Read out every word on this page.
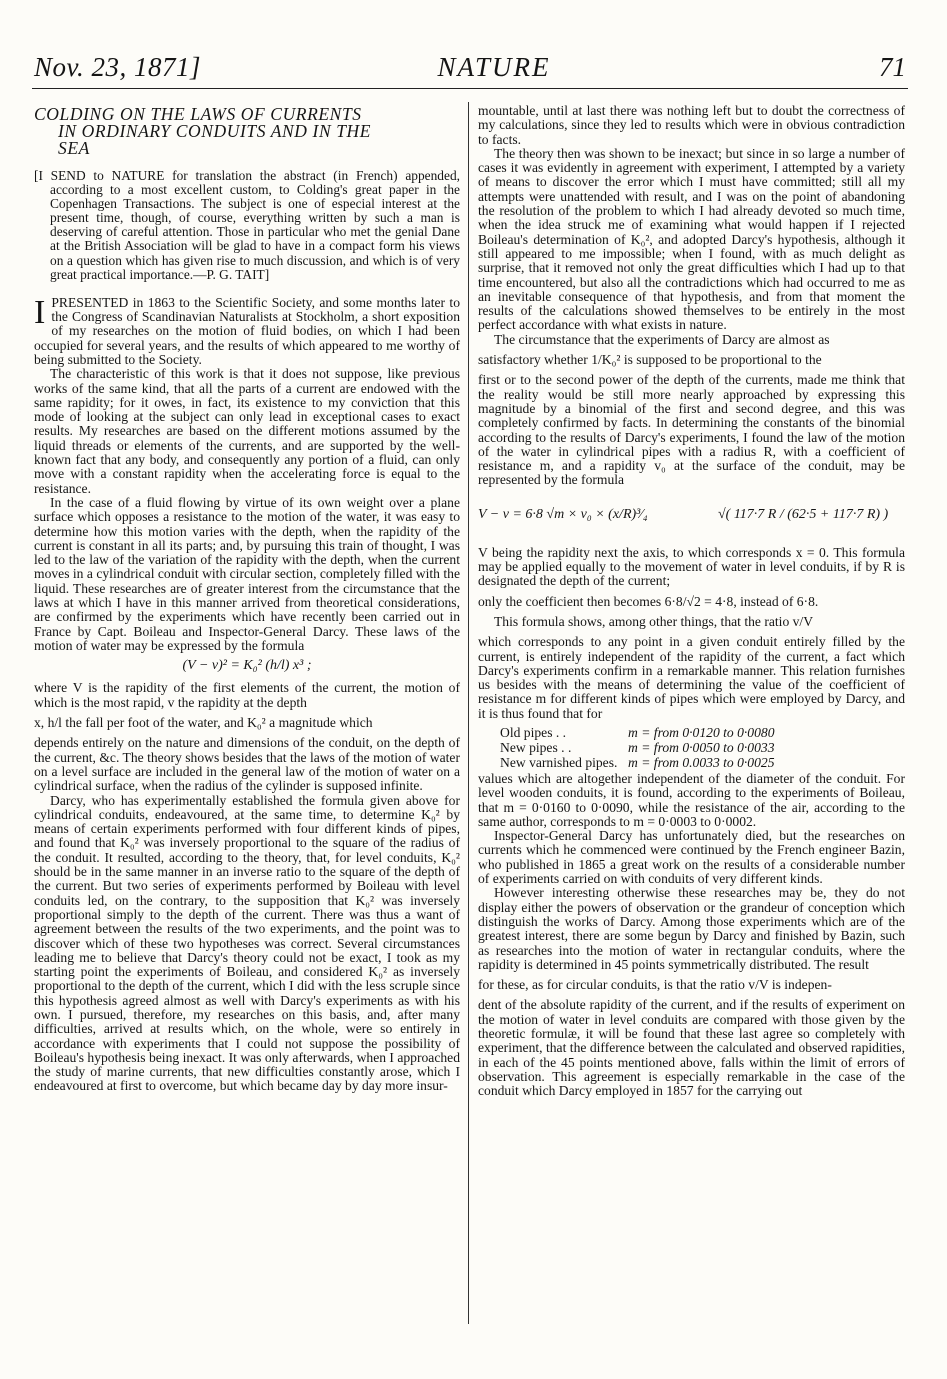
Nov. 23, 1871]	NATURE	71
COLDING ON THE LAWS OF CURRENTS
IN ORDINARY CONDUITS AND IN THE
SEA

[I SEND to NATURE for translation the abstract (in French) appended, according to a most excellent custom, to Colding's great paper in the Copenhagen Transactions. The subject is one of especial interest at the present time, though, of course, everything written by such a man is deserving of careful attention. Those in particular who met the genial Dane at the British Association will be glad to have in a compact form his views on a question which has given rise to much discussion, and which is of very great practical importance.—P. G. TAIT]

IPRESENTED in 1863 to the Scientific Society, and some months later to the Congress of Scandinavian Naturalists at Stockholm, a short exposition of my researches on the motion of fluid bodies, on which I had been occupied for several years, and the results of which appeared to me worthy of being submitted to the Society.

The characteristic of this work is that it does not suppose, like previous works of the same kind, that all the parts of a current are endowed with the same rapidity; for it owes, in fact, its existence to my conviction that this mode of looking at the subject can only lead in exceptional cases to exact results. My researches are based on the different motions assumed by the liquid threads or elements of the currents, and are supported by the well-known fact that any body, and consequently any portion of a fluid, can only move with a constant rapidity when the accelerating force is equal to the resistance.

In the case of a fluid flowing by virtue of its own weight over a plane surface which opposes a resistance to the motion of the water, it was easy to determine how this motion varies with the depth, when the rapidity of the current is constant in all its parts; and, by pursuing this train of thought, I was led to the law of the variation of the rapidity with the depth, when the current moves in a cylindrical conduit with circular section, completely filled with the liquid. These researches are of greater interest from the circumstance that the laws at which I have in this manner arrived from theoretical considerations, are confirmed by the experiments which have recently been carried out in France by Capt. Boileau and Inspector-General Darcy. These laws of the motion of water may be expressed by the formula

(V − v)² = K₀² (h/l) x³ ;

where V is the rapidity of the first elements of the current, the motion of which is the most rapid, v the rapidity at the depth

x, h/l the fall per foot of the water, and K₀² a magnitude which

depends entirely on the nature and dimensions of the conduit, on the depth of the current, &c. The theory shows besides that the laws of the motion of water on a level surface are included in the general law of the motion of water on a cylindrical surface, when the radius of the cylinder is supposed infinite.

Darcy, who has experimentally established the formula given above for cylindrical conduits, endeavoured, at the same time, to determine K₀² by means of certain experiments performed with four different kinds of pipes, and found that K₀² was inversely proportional to the square of the radius of the conduit. It resulted, according to the theory, that, for level conduits, K₀² should be in the same manner in an inverse ratio to the square of the depth of the current. But two series of experiments performed by Boileau with level conduits led, on the contrary, to the supposition that K₀² was inversely proportional simply to the depth of the current. There was thus a want of agreement between the results of the two experiments, and the point was to discover which of these two hypotheses was correct. Several circumstances leading me to believe that Darcy's theory could not be exact, I took as my starting point the experiments of Boileau, and considered K₀² as inversely proportional to the depth of the current, which I did with the less scruple since this hypothesis agreed almost as well with Darcy's experiments as with his own. I pursued, therefore, my researches on this basis, and, after many difficulties, arrived at results which, on the whole, were so entirely in accordance with experiments that I could not suppose the possibility of Boileau's hypothesis being inexact. It was only afterwards, when I approached the study of marine currents, that new difficulties constantly arose, which I endeavoured at first to overcome, but which became day by day more insur-

mountable, until at last there was nothing left but to doubt the correctness of my calculations, since they led to results which were in obvious contradiction to facts.

The theory then was shown to be inexact; but since in so large a number of cases it was evidently in agreement with experiment, I attempted by a variety of means to discover the error which I must have committed; still all my attempts were unattended with result, and I was on the point of abandoning the resolution of the problem to which I had already devoted so much time, when the idea struck me of examining what would happen if I rejected Boileau's determination of K₀², and adopted Darcy's hypothesis, although it still appeared to me impossible; when I found, with as much delight as surprise, that it removed not only the great difficulties which I had up to that time encountered, but also all the contradictions which had occurred to me as an inevitable consequence of that hypothesis, and from that moment the results of the calculations showed themselves to be entirely in the most perfect accordance with what exists in nature.

The circumstance that the experiments of Darcy are almost as

satisfactory whether 1/K₀² is supposed to be proportional to the

first or to the second power of the depth of the currents, made me think that the reality would be still more nearly approached by expressing this magnitude by a binomial of the first and second degree, and this was completely confirmed by facts. In determining the constants of the binomial according to the results of Darcy's experiments, I found the law of the motion of the water in cylindrical pipes with a radius R, with a coefficient of resistance m, and a rapidity v₀ at the surface of the conduit, may be represented by the formula

V − v = 6·8 √m × v₀ × (x/R)³⁄₄	√( 117·7 R / (62·5 + 117·7 R) )

V being the rapidity next the axis, to which corresponds x = 0. This formula may be applied equally to the movement of water in level conduits, if by R is designated the depth of the current;

only the coefficient then becomes 6·8/√2 = 4·8, instead of 6·8.

This formula shows, among other things, that the ratio v/V

which corresponds to any point in a given conduit entirely filled by the current, is entirely independent of the rapidity of the current, a fact which Darcy's experiments confirm in a remarkable manner. This relation furnishes us besides with the means of determining the value of the coefficient of resistance m for different kinds of pipes which were employed by Darcy, and it is thus found that for

Old pipes . .	m = from 0·0120 to 0·0080
New pipes . .	m = from 0·0050 to 0·0033
New varnished pipes. m = from 0.0033 to 0·0025

values which are altogether independent of the diameter of the conduit. For level wooden conduits, it is found, according to the experiments of Boileau, that m = 0·0160 to 0·0090, while the resistance of the air, according to the same author, corresponds to m = 0·0003 to 0·0002.

Inspector-General Darcy has unfortunately died, but the researches on currents which he commenced were continued by the French engineer Bazin, who published in 1865 a great work on the results of a considerable number of experiments carried on with conduits of very different kinds.

However interesting otherwise these researches may be, they do not display either the powers of observation or the grandeur of conception which distinguish the works of Darcy. Among those experiments which are of the greatest interest, there are some begun by Darcy and finished by Bazin, such as researches into the motion of water in rectangular conduits, where the rapidity is determined in 45 points symmetrically distributed. The result

for these, as for circular conduits, is that the ratio v/V is indepen-

dent of the absolute rapidity of the current, and if the results of experiment on the motion of water in level conduits are compared with those given by the theoretic formulæ, it will be found that these last agree so completely with experiment, that the difference between the calculated and observed rapidities, in each of the 45 points mentioned above, falls within the limit of errors of observation. This agreement is especially remarkable in the case of the conduit which Darcy employed in 1857 for the carrying out
